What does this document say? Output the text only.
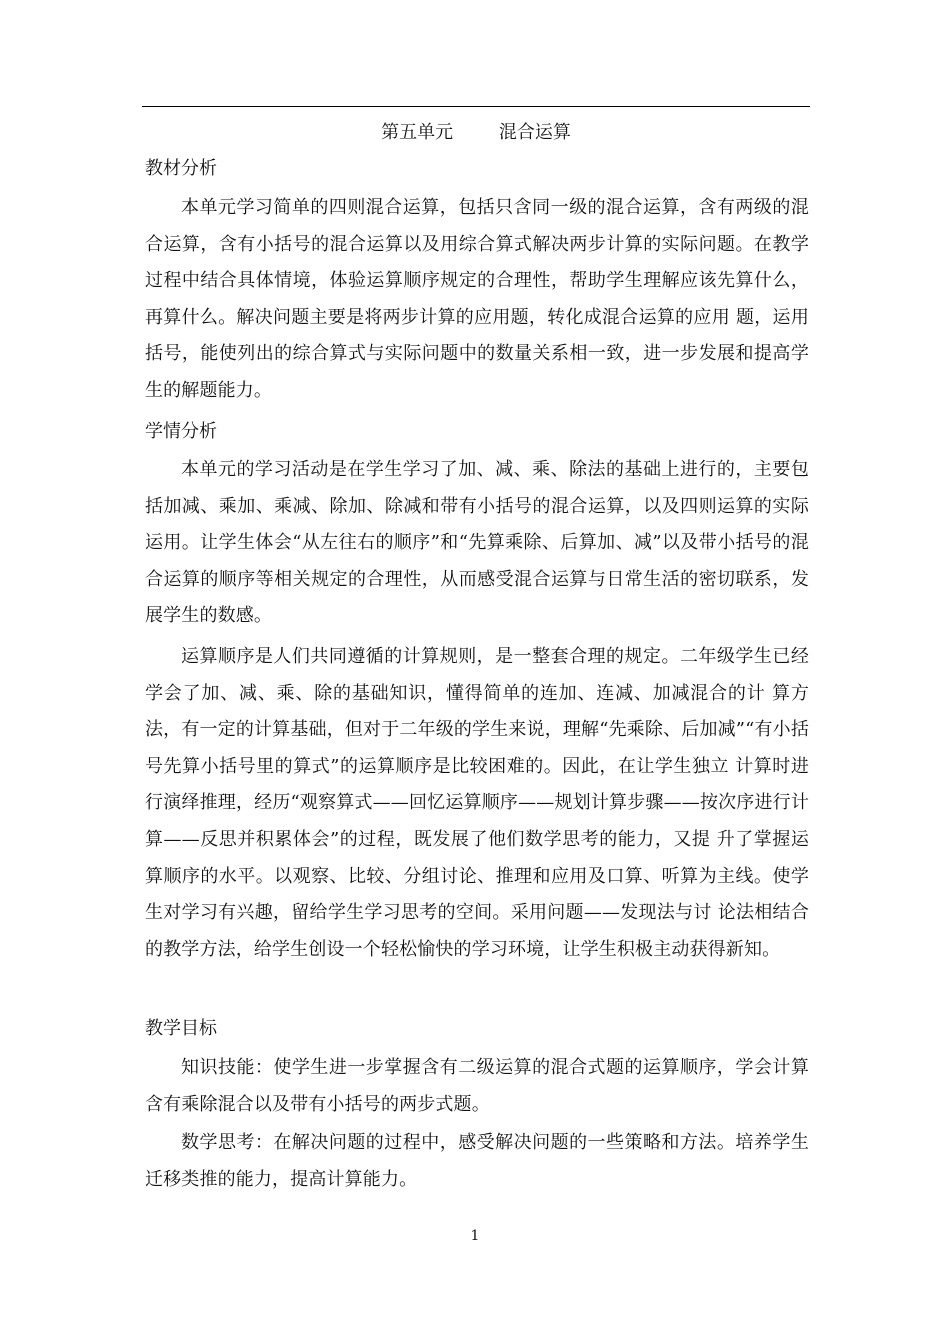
第五单元        混合运算
教材分析

本单元学习简单的四则混合运算，包括只含同一级的混合运算，含有两级的混合运算，含有小括号的混合运算以及用综合算式解决两步计算的实际问题。在教学过程中结合具体情境，体验运算顺序规定的合理性，帮助学生理解应该先算什么，再算什么。解决问题主要是将两步计算的应用题，转化成混合运算的应用 题，运用括号，能使列出的综合算式与实际问题中的数量关系相一致，进一步发展和提高学生的解题能力。

学情分析

本单元的学习活动是在学生学习了加、减、乘、除法的基础上进行的，主要包括加减、乘加、乘减、除加、除减和带有小括号的混合运算，以及四则运算的实际运用。让学生体会“从左往右的顺序”和“先算乘除、后算加、减”以及带小括号的混合运算的顺序等相关规定的合理性，从而感受混合运算与日常生活的密切联系，发展学生的数感。

运算顺序是人们共同遵循的计算规则，是一整套合理的规定。二年级学生已经学会了加、减、乘、除的基础知识，懂得简单的连加、连减、加减混合的计 算方法，有一定的计算基础，但对于二年级的学生来说，理解“先乘除、后加减”“有小括号先算小括号里的算式”的运算顺序是比较困难的。因此，在让学生独立 计算时进行演绎推理，经历“观察算式——回忆运算顺序——规划计算步骤——按次序进行计算——反思并积累体会”的过程，既发展了他们数学思考的能力，又提 升了掌握运算顺序的水平。以观察、比较、分组讨论、推理和应用及口算、听算为主线。使学生对学习有兴趣，留给学生学习思考的空间。采用问题——发现法与讨 论法相结合的教学方法，给学生创设一个轻松愉快的学习环境，让学生积极主动获得新知。

教学目标

知识技能：使学生进一步掌握含有二级运算的混合式题的运算顺序，学会计算含有乘除混合以及带有小括号的两步式题。

数学思考：在解决问题的过程中，感受解决问题的一些策略和方法。培养学生迁移类推的能力，提高计算能力。

1
